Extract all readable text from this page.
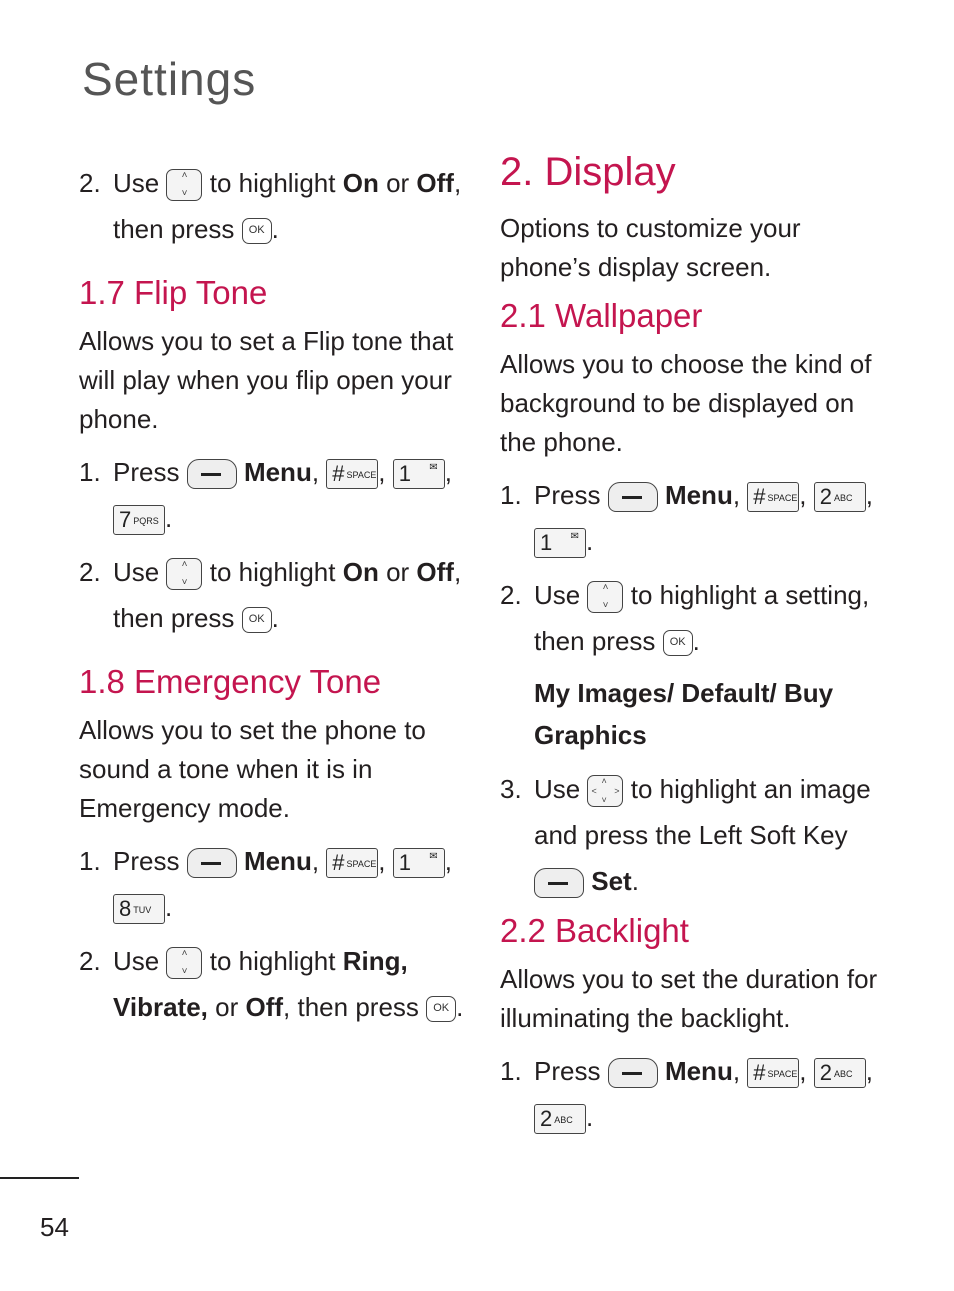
Settings
2. Use ˄ ˅ to highlight On or Off, then press OK .
1.7 Flip Tone
Allows you to set a Flip tone that will play when you flip open your phone.
1. Press Menu, # SPACE, 1 ✉ , 7 PQRS .
2. Use ˄ ˅ to highlight On or Off, then press OK .
1.8 Emergency Tone
Allows you to set the phone to sound a tone when it is in Emergency mode.
1. Press Menu, # SPACE, 1 ✉ , 8 TUV .
2. Use ˄ ˅ to highlight Ring, Vibrate, or Off, then press OK .
2. Display
Options to customize your phone’s display screen.
2.1 Wallpaper
Allows you to choose the kind of background to be displayed on the phone.
1. Press Menu, # SPACE, 2 ABC , 1 ✉ .
2. Use ˄ ˅ to highlight a setting, then press OK .
My Images/ Default/ Buy Graphics
3. Use ˄
˅
˂ ˃ to highlight an image and press the Left Soft Key  Set.
2.2 Backlight
Allows you to set the duration for illuminating the backlight.
1. Press Menu, # SPACE, 2 ABC , 2 ABC .
54
